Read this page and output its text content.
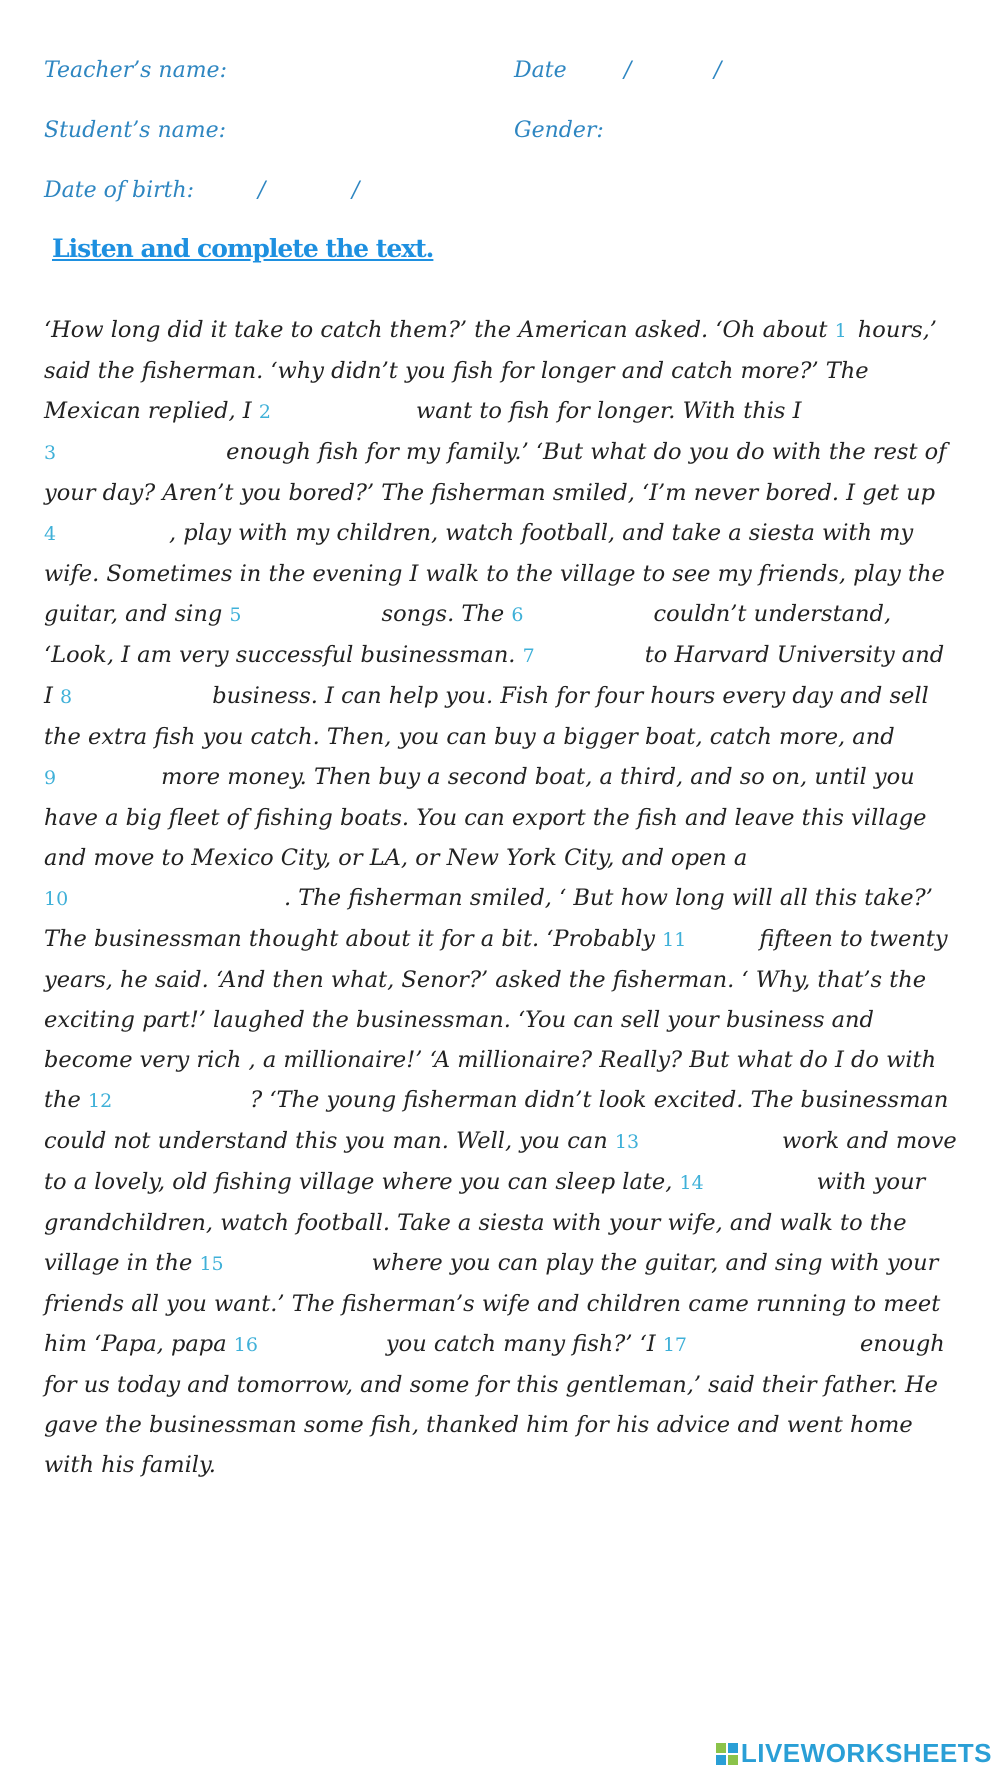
Teacher’s name:	Date	/	/
Student’s name:	Gender:
Date of birth:	/	/
Listen and complete the text.
‘How long did it take to catch them?’ the American asked. ‘Oh about 1 hours,’ said the fisherman. ‘why didn’t you fish for longer and catch more?’ The Mexican replied, I 2	want to fish for longer. With this I 3	enough fish for my family.’ ‘But what do you do with the rest of your day? Aren’t you bored?’ The fisherman smiled, ‘I’m never bored. I get up 4	, play with my children, watch football, and take a siesta with my wife. Sometimes in the evening I walk to the village to see my friends, play the guitar, and sing 5	songs. The 6	couldn’t understand, ‘Look, I am very successful businessman. 7	to Harvard University and I 8	business. I can help you. Fish for four hours every day and sell the extra fish you catch. Then, you can buy a bigger boat, catch more, and 9	more money. Then buy a second boat, a third, and so on, until you have a big fleet of fishing boats. You can export the fish and leave this village and move to Mexico City, or LA, or New York City, and open a 10	. The fisherman smiled, ‘ But how long will all this take?’ The businessman thought about it for a bit. ‘Probably 11	fifteen to twenty years, he said. ‘And then what, Senor?’ asked the fisherman. ‘ Why, that’s the exciting part!’ laughed the businessman. ‘You can sell your business and become very rich , a millionaire!’ ‘A millionaire? Really? But what do I do with the 12	? ‘The young fisherman didn’t look excited. The businessman could not understand this you man. Well, you can 13	work and move to a lovely, old fishing village where you can sleep late, 14	with your grandchildren, watch football. Take a siesta with your wife, and walk to the village in the 15	where you can play the guitar, and sing with your friends all you want.’ The fisherman’s wife and children came running to meet him ‘Papa, papa 16	you catch many fish?’ ‘I 17	enough for us today and tomorrow, and some for this gentleman,’ said their father. He gave the businessman some fish, thanked him for his advice and went home with his family.
LIVEWORKSHEETS
